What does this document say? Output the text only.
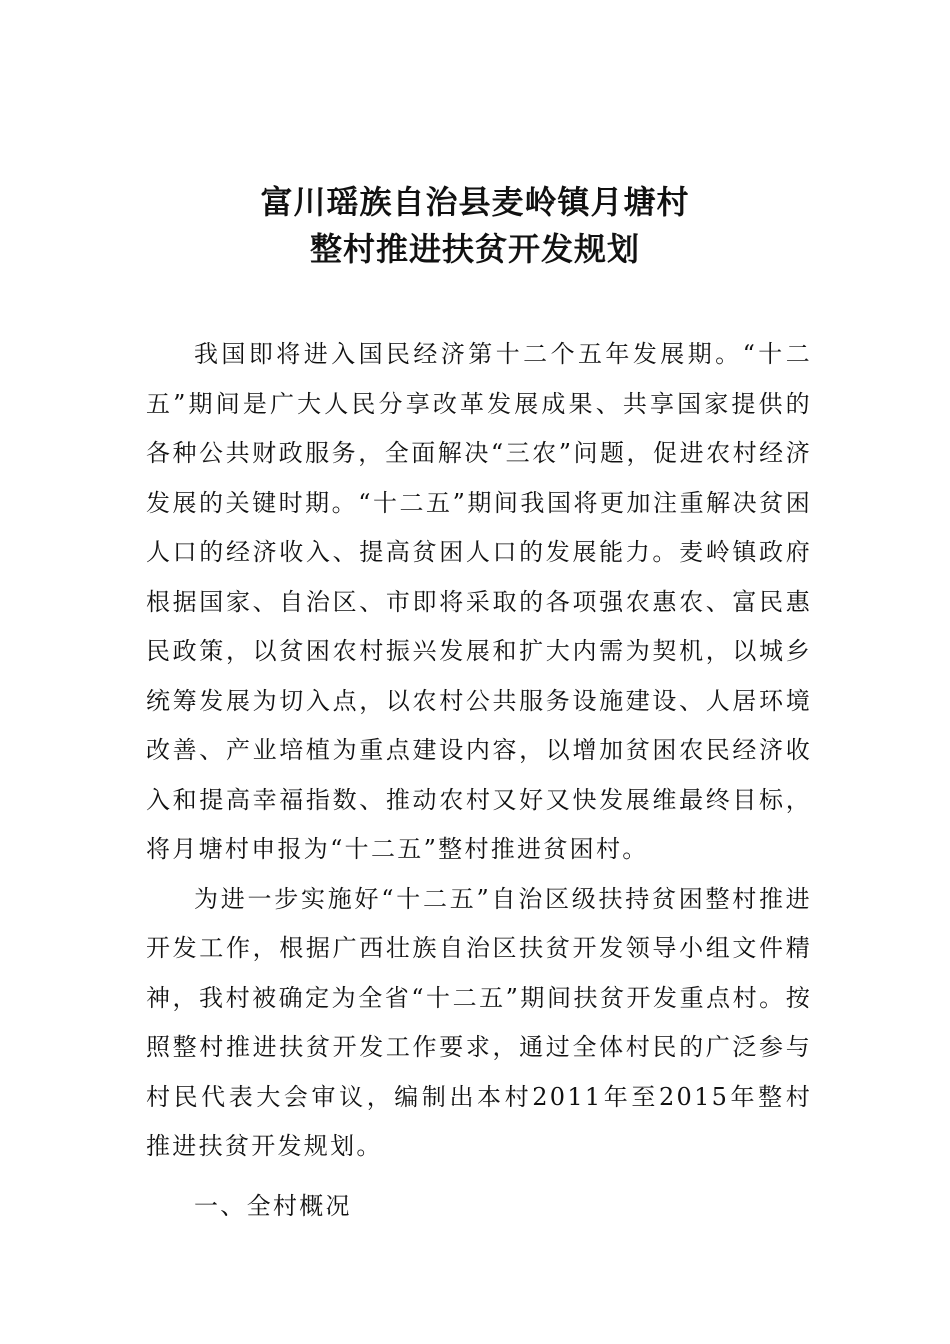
富川瑶族自治县麦岭镇月塘村
整村推进扶贫开发规划

我国即将进入国民经济第十二个五年发展期。“十二五”期间是广大人民分享改革发展成果、共享国家提供的各种公共财政服务，全面解决“三农”问题，促进农村经济发展的关键时期。“十二五”期间我国将更加注重解决贫困人口的经济收入、提高贫困人口的发展能力。麦岭镇政府根据国家、自治区、市即将采取的各项强农惠农、富民惠民政策，以贫困农村振兴发展和扩大内需为契机，以城乡统筹发展为切入点，以农村公共服务设施建设、人居环境改善、产业培植为重点建设内容，以增加贫困农民经济收入和提高幸福指数、推动农村又好又快发展维最终目标，将月塘村申报为“十二五”整村推进贫困村。

为进一步实施好“十二五”自治区级扶持贫困整村推进开发工作，根据广西壮族自治区扶贫开发领导小组文件精神，我村被确定为全省“十二五”期间扶贫开发重点村。按照整村推进扶贫开发工作要求，通过全体村民的广泛参与村民代表大会审议，编制出本村2011年至2015年整村推进扶贫开发规划。

一、全村概况
